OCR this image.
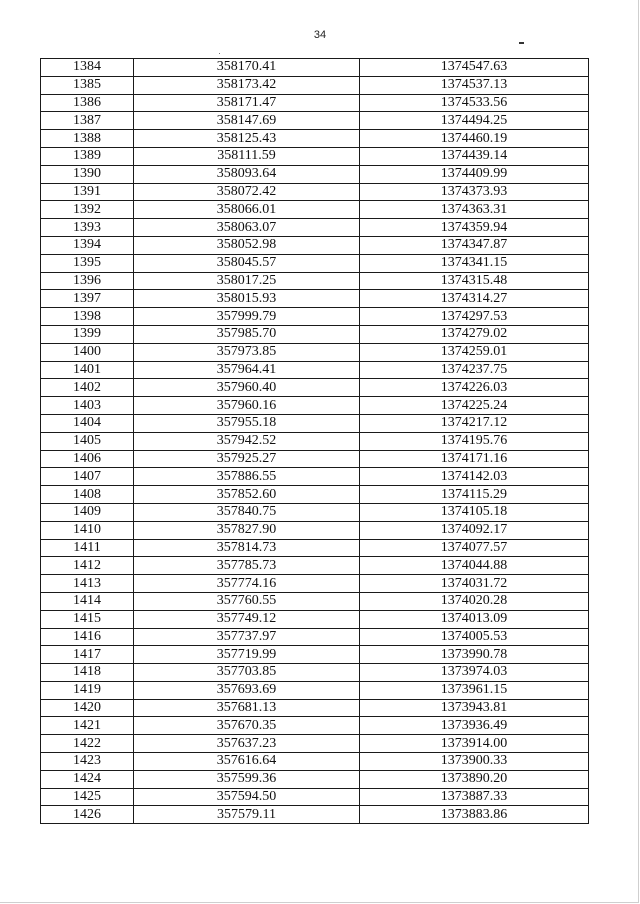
34
1384	358170.41	1374547.63
1385	358173.42	1374537.13
1386	358171.47	1374533.56
1387	358147.69	1374494.25
1388	358125.43	1374460.19
1389	358111.59	1374439.14
1390	358093.64	1374409.99
1391	358072.42	1374373.93
1392	358066.01	1374363.31
1393	358063.07	1374359.94
1394	358052.98	1374347.87
1395	358045.57	1374341.15
1396	358017.25	1374315.48
1397	358015.93	1374314.27
1398	357999.79	1374297.53
1399	357985.70	1374279.02
1400	357973.85	1374259.01
1401	357964.41	1374237.75
1402	357960.40	1374226.03
1403	357960.16	1374225.24
1404	357955.18	1374217.12
1405	357942.52	1374195.76
1406	357925.27	1374171.16
1407	357886.55	1374142.03
1408	357852.60	1374115.29
1409	357840.75	1374105.18
1410	357827.90	1374092.17
1411	357814.73	1374077.57
1412	357785.73	1374044.88
1413	357774.16	1374031.72
1414	357760.55	1374020.28
1415	357749.12	1374013.09
1416	357737.97	1374005.53
1417	357719.99	1373990.78
1418	357703.85	1373974.03
1419	357693.69	1373961.15
1420	357681.13	1373943.81
1421	357670.35	1373936.49
1422	357637.23	1373914.00
1423	357616.64	1373900.33
1424	357599.36	1373890.20
1425	357594.50	1373887.33
1426	357579.11	1373883.86
